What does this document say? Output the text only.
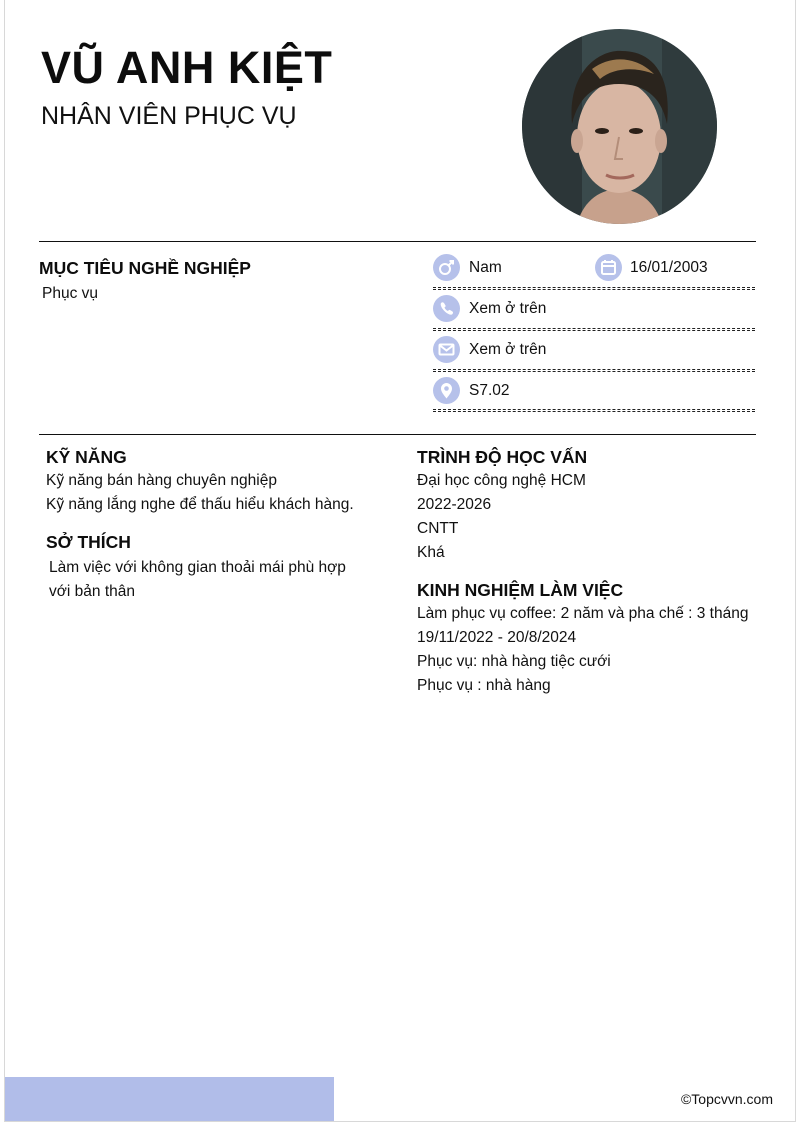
VŨ ANH KIỆT
NHÂN VIÊN PHỤC VỤ
MỤC TIÊU NGHỀ NGHIỆP
Phục vụ
Nam	16/01/2003
Xem ở trên
Xem ở trên
S7.02
KỸ NĂNG
Kỹ năng bán hàng chuyên nghiệp
Kỹ năng lắng nghe để thấu hiểu khách hàng.
SỞ THÍCH
Làm việc với không gian thoải mái phù hợp
với bản thân
TRÌNH ĐỘ HỌC VẤN
Đại học công nghệ HCM
2022-2026
CNTT
Khá
KINH NGHIỆM LÀM VIỆC
Làm phục vụ coffee: 2 năm và pha chế : 3 tháng
19/11/2022 - 20/8/2024
Phục vụ: nhà hàng tiệc cưới
Phục vụ : nhà hàng
©Topcvvn.com
